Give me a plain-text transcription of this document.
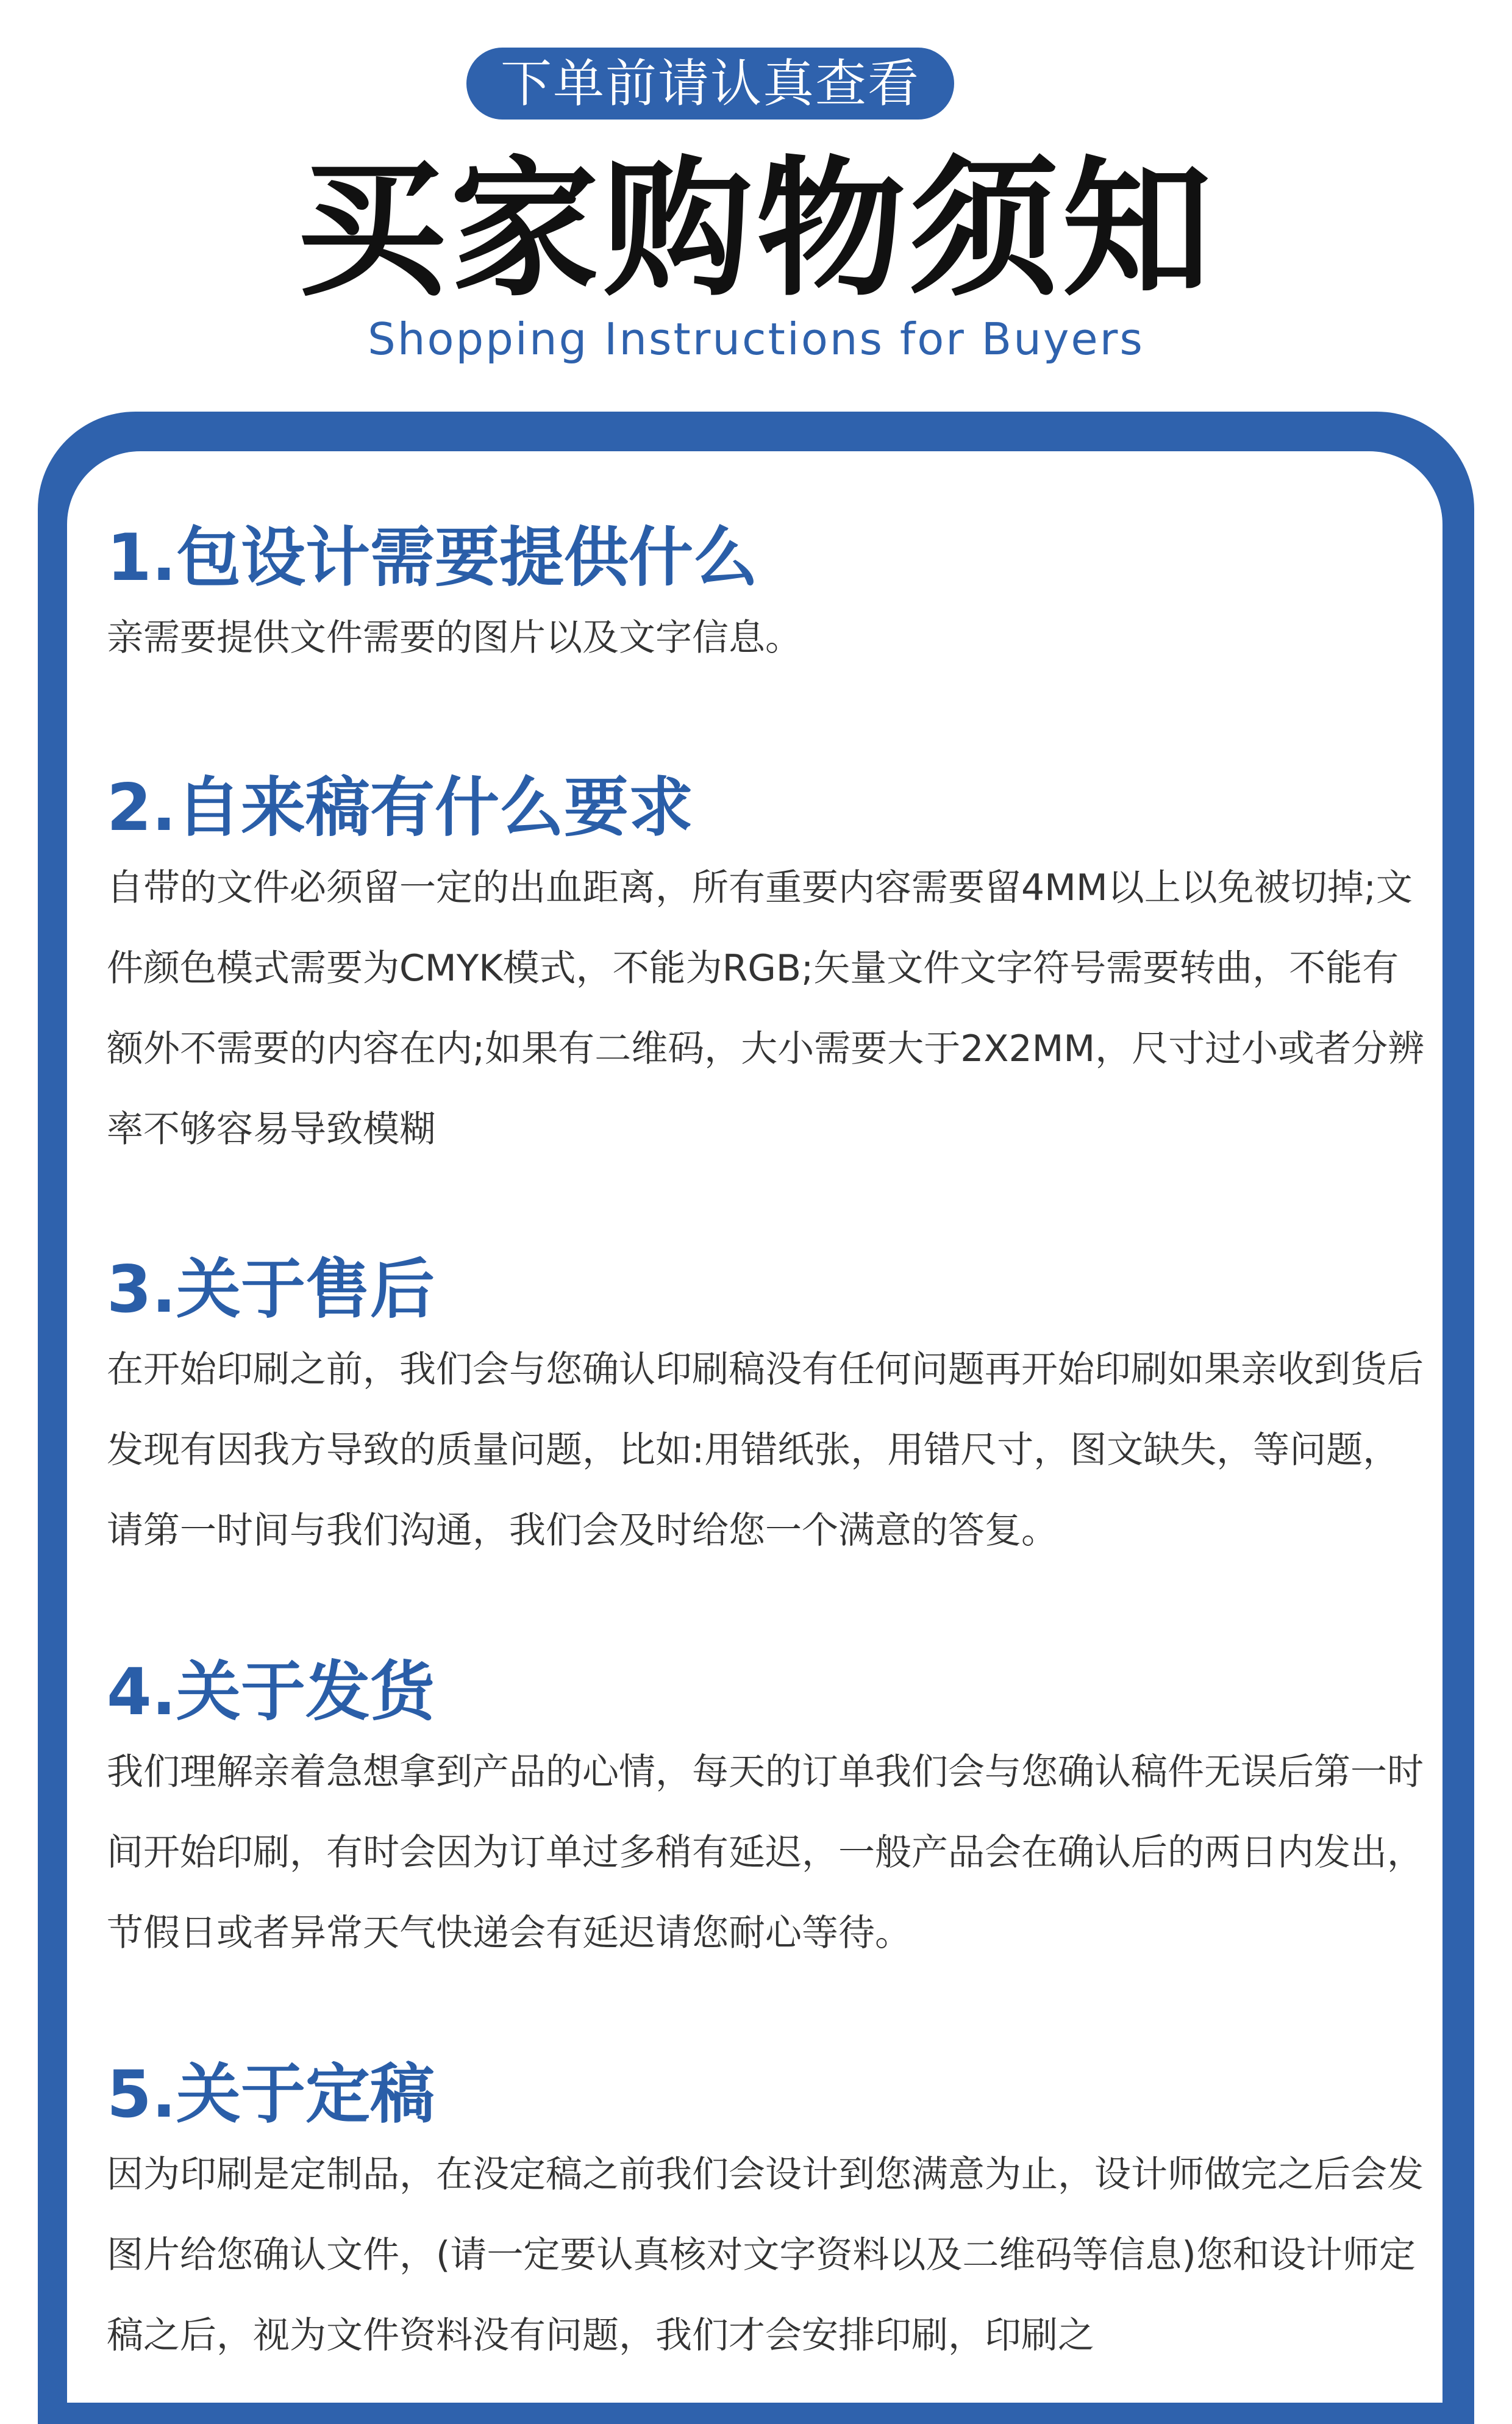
下单前请认真查看
买家购物须知
Shopping Instructions for Buyers
1.包设计需要提供什么

亲需要提供文件需要的图片以及文字信息。

2.自来稿有什么要求

自带的文件必须留一定的出血距离，所有重要内容需要留4MM以上以免被切掉;文件颜色模式需要为CMYK模式，不能为RGB;矢量文件文字符号需要转曲，不能有额外不需要的内容在内;如果有二维码，大小需要大于2X2MM，尺寸过小或者分辨率不够容易导致模糊

3.关于售后

在开始印刷之前，我们会与您确认印刷稿没有任何问题再开始印刷如果亲收到货后发现有因我方导致的质量问题，比如:用错纸张，用错尺寸，图文缺失，等问题，请第一时间与我们沟通，我们会及时给您一个满意的答复。

4.关于发货

我们理解亲着急想拿到产品的心情，每天的订单我们会与您确认稿件无误后第一时间开始印刷，有时会因为订单过多稍有延迟，一般产品会在确认后的两日内发出，节假日或者异常天气快递会有延迟请您耐心等待。

5.关于定稿

因为印刷是定制品，在没定稿之前我们会设计到您满意为止，设计师做完之后会发图片给您确认文件，(请一定要认真核对文字资料以及二维码等信息)您和设计师定稿之后，视为文件资料没有问题，我们才会安排印刷，印刷之
